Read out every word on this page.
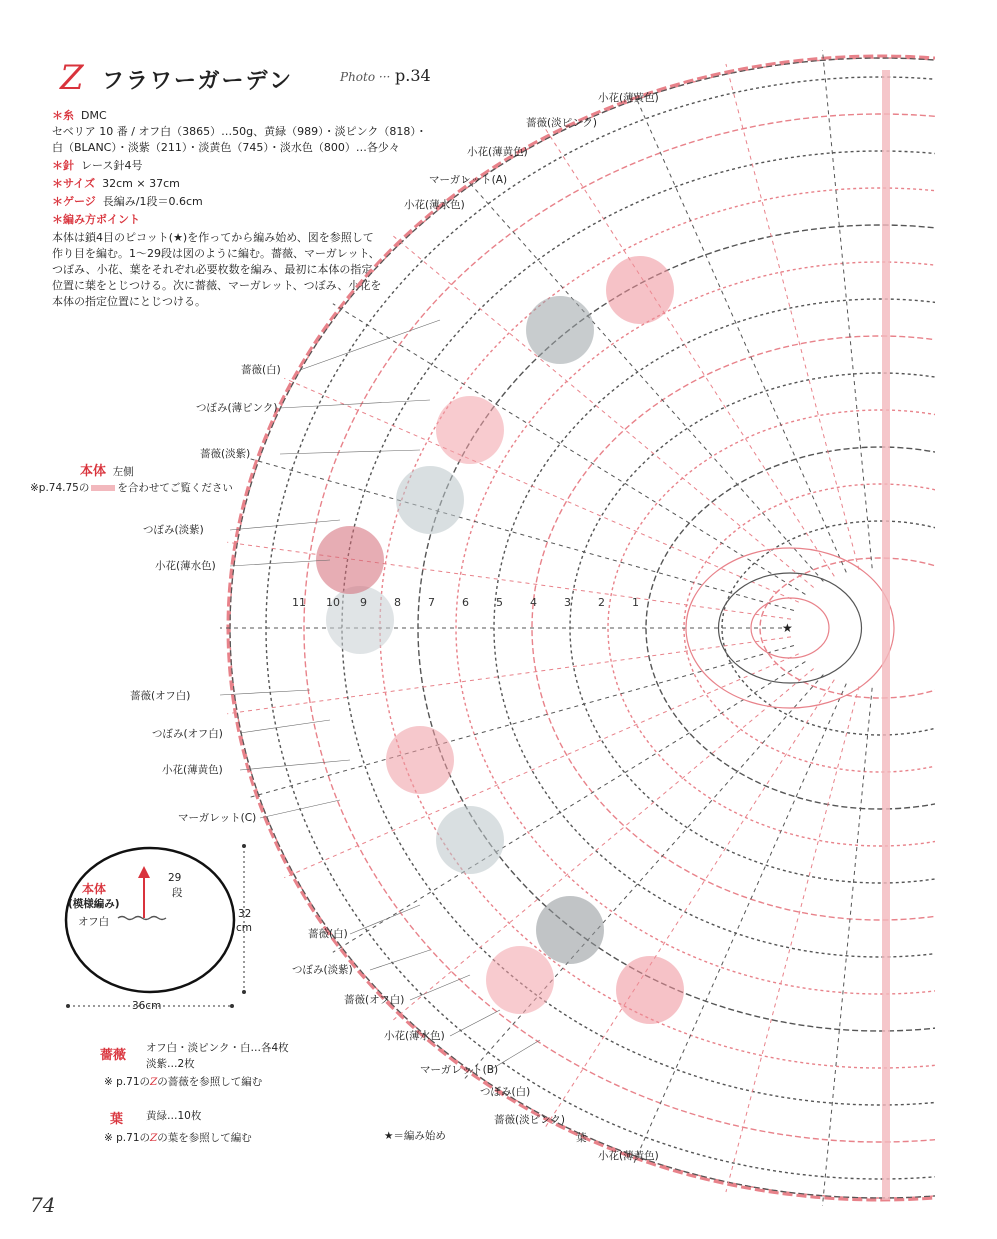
Z フラワーガーデン	Photo ··· p.34
＊糸 DMC
セベリア 10 番 / オフ白（3865）…50g、黄緑（989）・淡ピンク（818）・
白（BLANC）・淡紫（211）・淡黄色（745）・淡水色（800）…各少々
＊針 レース針4号
＊サイズ 32cm × 37cm
＊ゲージ 長編み/1段＝0.6cm
＊編み方ポイント
本体は鎖4目のピコット(★)を作ってから編み始め、図を参照して作り目を編む。1～29段は図のように編む。薔薇、マーガレット、つぼみ、小花、葉をそれぞれ必要枚数を編み、最初に本体の指定位置に葉をとじつける。次に薔薇、マーガレット、つぼみ、小花を本体の指定位置にとじつける。
★
小花(薄黄色)
薔薇(淡ピンク)
小花(薄黄色)
マーガレット(A)
小花(薄水色)
薔薇(白)
つぼみ(薄ピンク)
薔薇(淡紫)
本体 左側
※p.74.75の	を合わせてご覧ください
つぼみ(淡紫)
小花(薄水色)
薔薇(オフ白)
つぼみ(オフ白)
小花(薄黄色)
マーガレット(C)
本体
(模様編み)
オフ白
29
段
32
cm
36cm
薔薇(白)
つぼみ(淡紫)
薔薇(オフ白)
小花(薄水色)
マーガレット(B)
つぼみ(白)
薔薇(淡ピンク)
葉
小花(薄黄色)
★＝編み始め
薔薇 オフ白・淡ピンク・白…各4枚
淡紫…2枚
※ p.71のZの薔薇を参照して編む
葉 黄緑…10枚
※ p.71のZの葉を参照して編む
11 10 9 8 7 6 5 4 3 2 1
74
